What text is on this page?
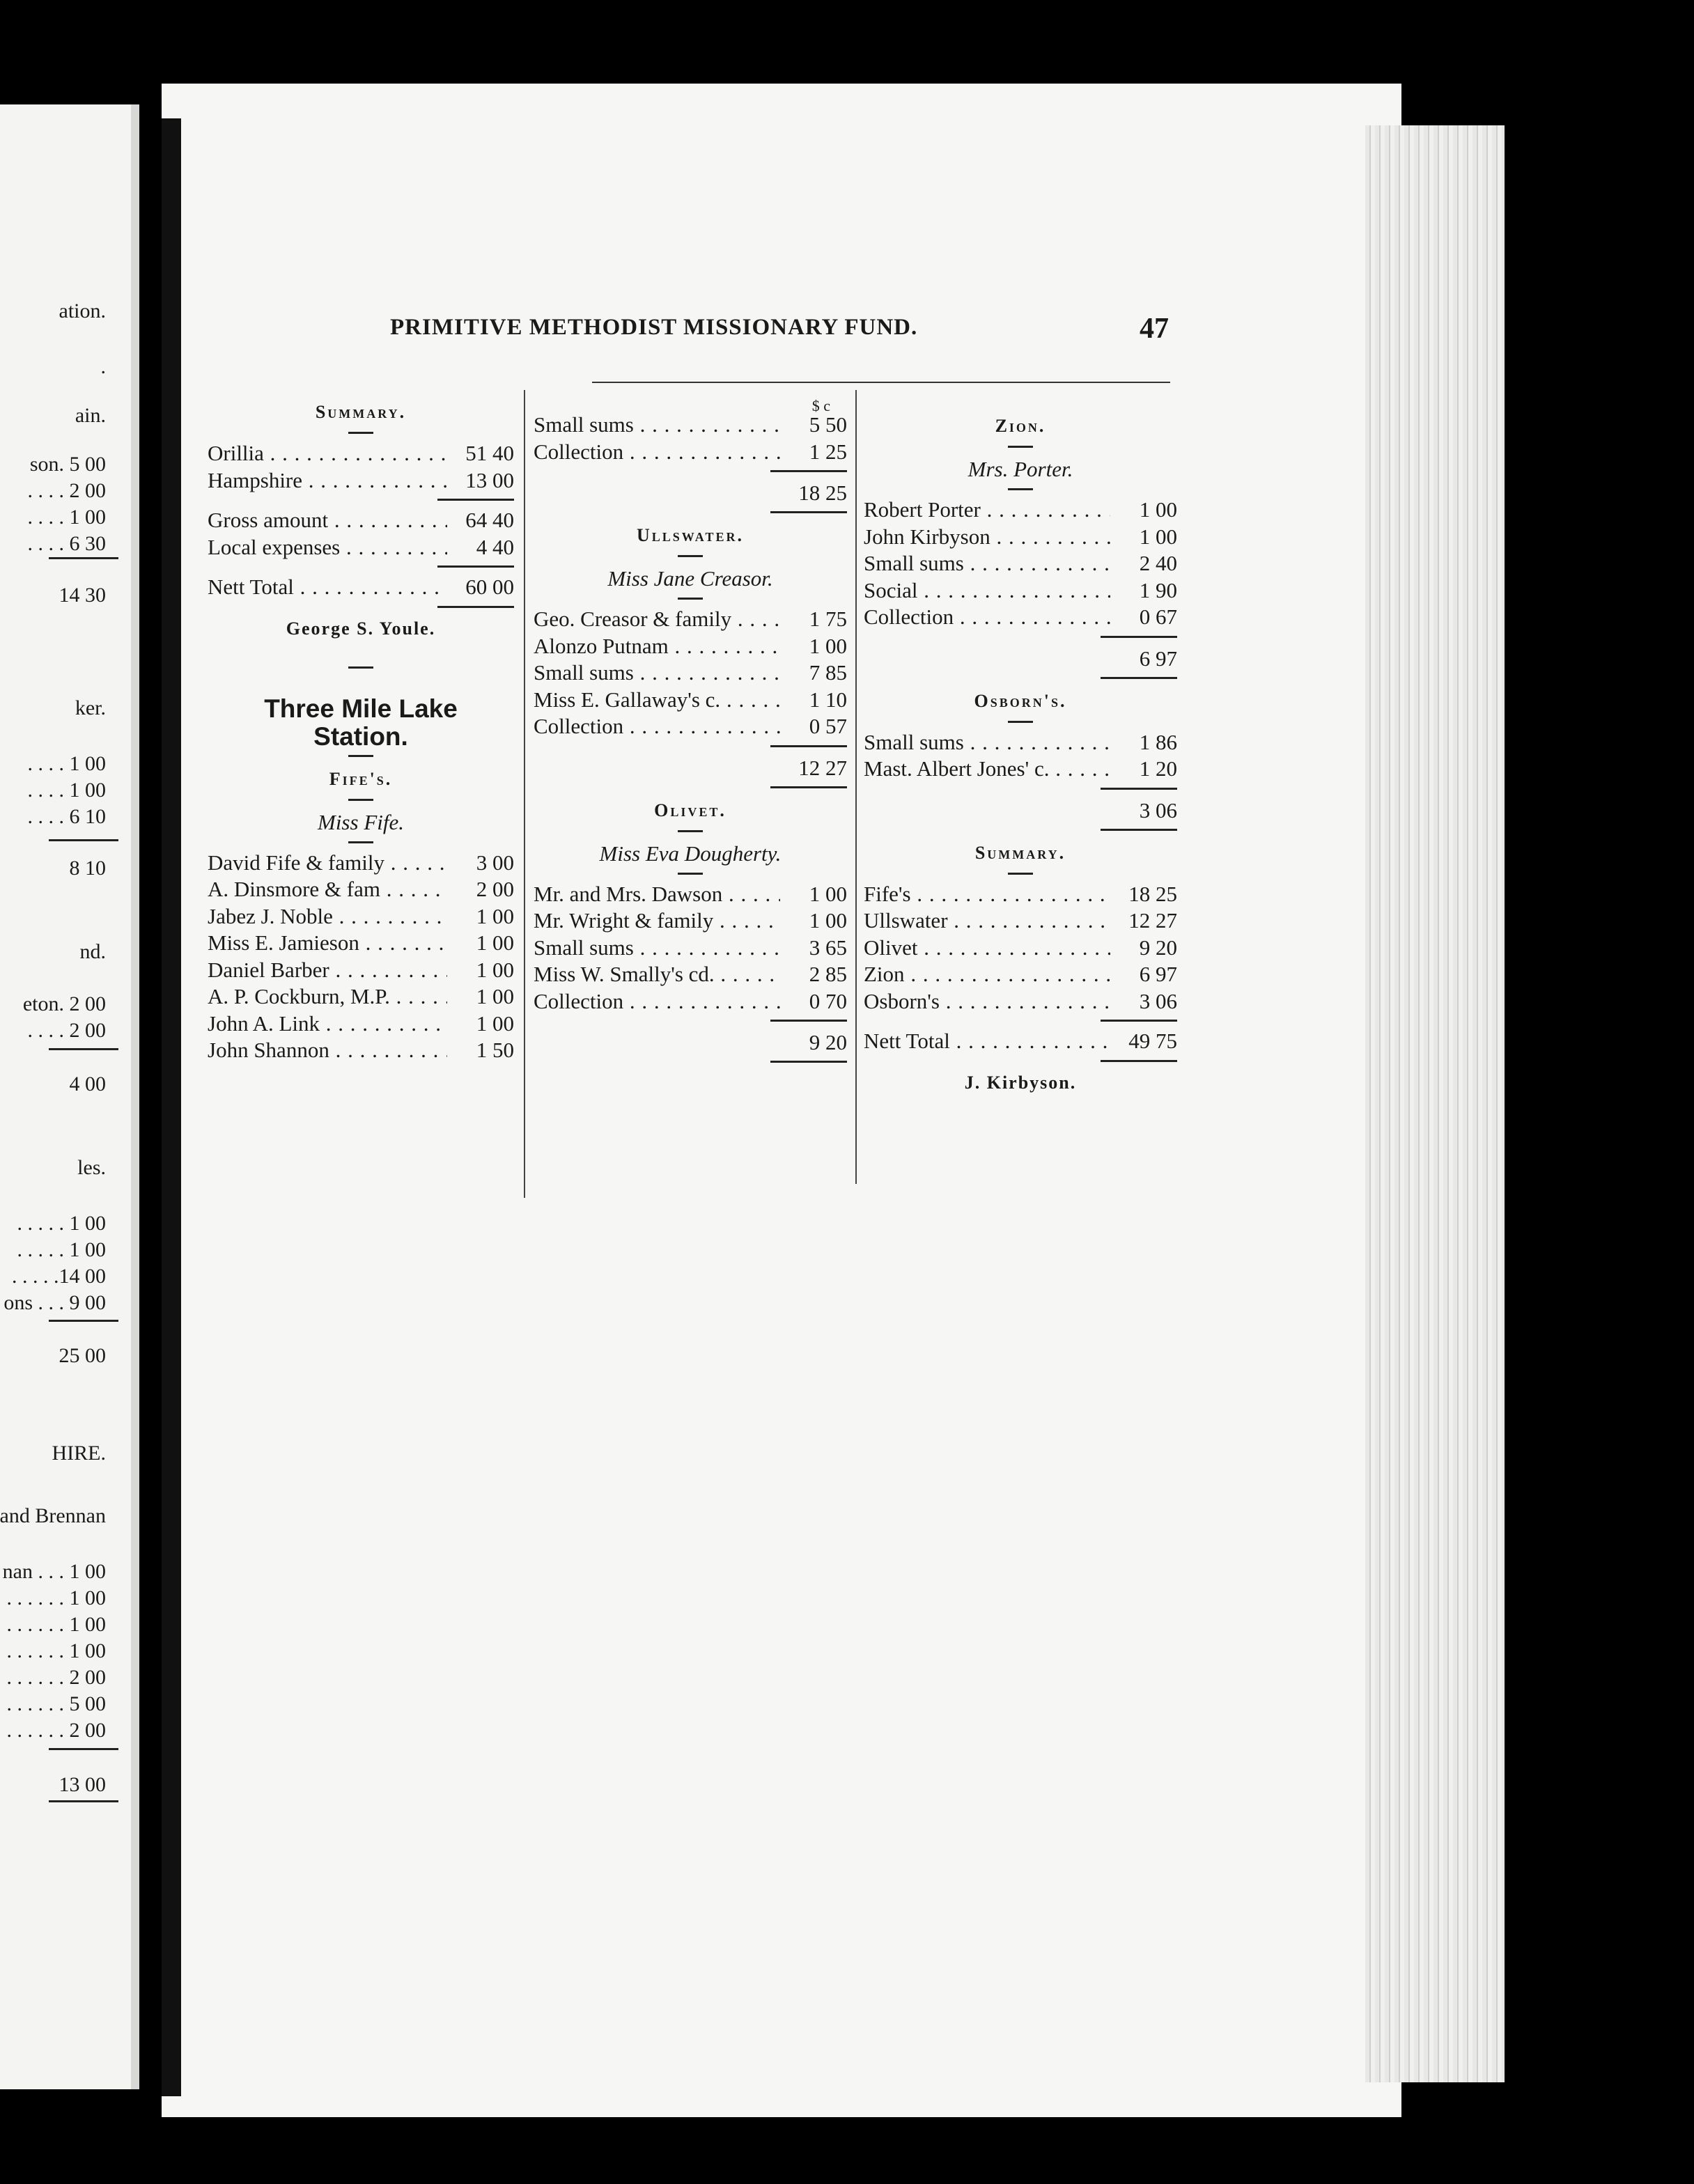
ation.
.
ain.
son. 5 00
. . . . 2 00
. . . . 1 00
. . . . 6 30
14 30
ker.
. . . . 1 00
. . . . 1 00
. . . . 6 10
8 10
nd.
eton. 2 00
. . . . 2 00
4 00
les.
. . . . . 1 00
. . . . . 1 00
. . . . .14 00
ons . . . 9 00
25 00
HIRE.
and Brennan
nan . . . 1 00
. . . . . . 1 00
. . . . . . 1 00
. . . . . . 1 00
. . . . . . 2 00
. . . . . . 5 00
. . . . . . 2 00
13 00
PRIMITIVE METHODIST MISSIONARY FUND.	47
Summary.
Orillia . . .	51 40
Hampshire . . .	13 00
Gross amount . . .	64 40
Local expenses . . .	4 40
Nett Total . . .	60 00
George S. Youle.
Three Mile Lake
Station.
Fife's.
Miss Fife.
David Fife & family . . .	3 00
A. Dinsmore & fam . . .	2 00
Jabez J. Noble . . .	1 00
Miss E. Jamieson . . .	1 00
Daniel Barber . . .	1 00
A. P. Cockburn, M.P. . . .	1 00
John A. Link . . .	1 00
John Shannon . . .	1 50
$ c
Small sums . . .	5 50
Collection . . .	1 25
18 25
Ullswater.
Miss Jane Creasor.
Geo. Creasor & family . . .	1 75
Alonzo Putnam . . .	1 00
Small sums . . .	7 85
Miss E. Gallaway's c. . . .	1 10
Collection . . .	0 57
12 27
Olivet.
Miss Eva Dougherty.
Mr. and Mrs. Dawson . . .	1 00
Mr. Wright & family . . .	1 00
Small sums . . .	3 65
Miss W. Smally's cd. . . .	2 85
Collection . . .	0 70
9 20
Zion.
Mrs. Porter.
Robert Porter . . .	1 00
John Kirbyson . . .	1 00
Small sums . . .	2 40
Social . . .	1 90
Collection . . .	0 67
6 97
Osborn's.
Small sums . . .	1 86
Mast. Albert Jones' c. . . .	1 20
3 06
Summary.
Fife's . . .	18 25
Ullswater . . .	12 27
Olivet . . .	9 20
Zion . . .	6 97
Osborn's . . .	3 06
Nett Total . . .	49 75
J. Kirbyson.
